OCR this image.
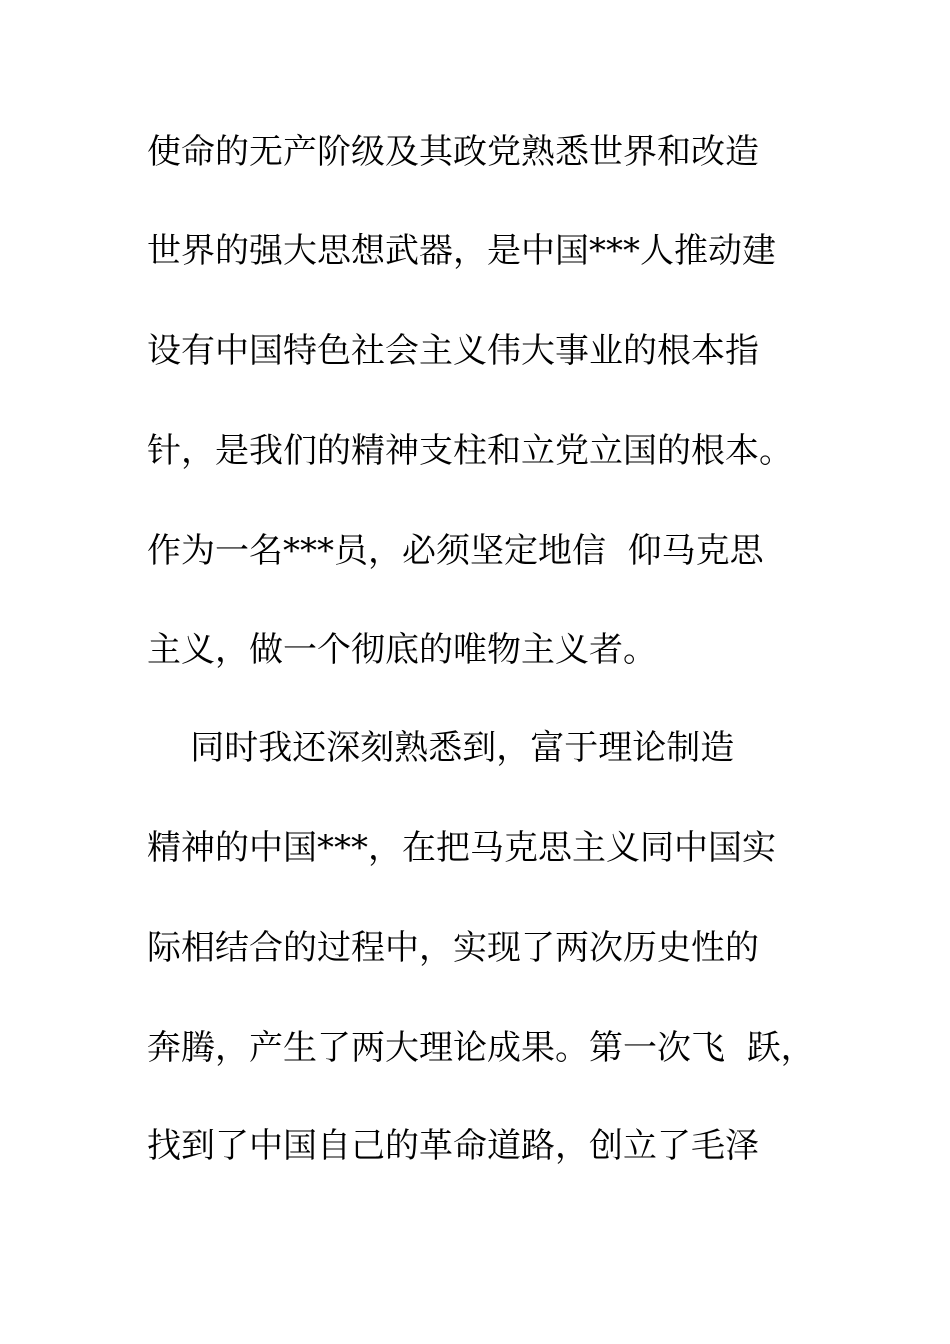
使命的无产阶级及其政党熟悉世界和改造
世界的强大思想武器，是中国***人推动建
设有中国特色社会主义伟大事业的根本指
针，是我们的精神支柱和立党立国的根本。
作为一名***员，必须坚定地信  仰马克思
主义，做一个彻底的唯物主义者。
同时我还深刻熟悉到，富于理论制造
精神的中国***，在把马克思主义同中国实
际相结合的过程中，实现了两次历史性的
奔腾，产生了两大理论成果。第一次飞  跃，
找到了中国自己的革命道路，创立了毛泽
